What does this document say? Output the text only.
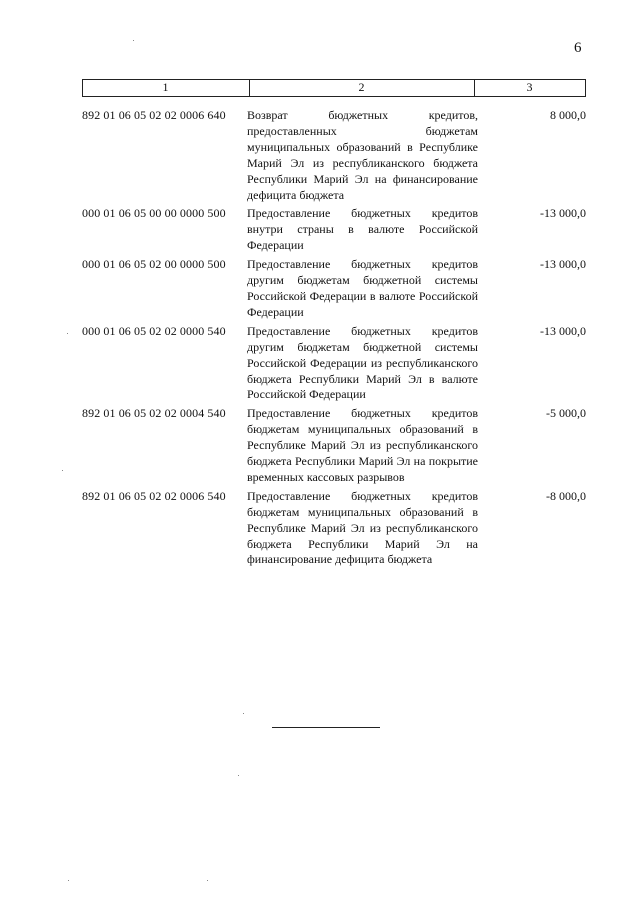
6
1	2	3
892 01 06 05 02 02 0006 640	Возврат бюджетных кредитов, предоставленных бюджетам муниципальных образований в Республике Марий Эл из республиканского бюджета Республики Марий Эл на финансирование дефицита бюджета	8 000,0
000 01 06 05 00 00 0000 500	Предоставление бюджетных кредитов внутри страны в валюте Российской Федерации	-13 000,0
000 01 06 05 02 00 0000 500	Предоставление бюджетных кредитов другим бюджетам бюджетной системы Российской Федерации в валюте Российской Федерации	-13 000,0
000 01 06 05 02 02 0000 540	Предоставление бюджетных кредитов другим бюджетам бюджетной системы Российской Федерации из республиканского бюджета Республики Марий Эл в валюте Российской Федерации	-13 000,0
892 01 06 05 02 02 0004 540	Предоставление бюджетных кредитов бюджетам муниципальных образований в Республике Марий Эл из республиканского бюджета Республики Марий Эл на покрытие временных кассовых разрывов	-5 000,0
892 01 06 05 02 02 0006 540	Предоставление бюджетных кредитов бюджетам муниципальных образований в Республике Марий Эл из республиканского бюджета Республики Марий Эл на финансирование дефицита бюджета	-8 000,0
